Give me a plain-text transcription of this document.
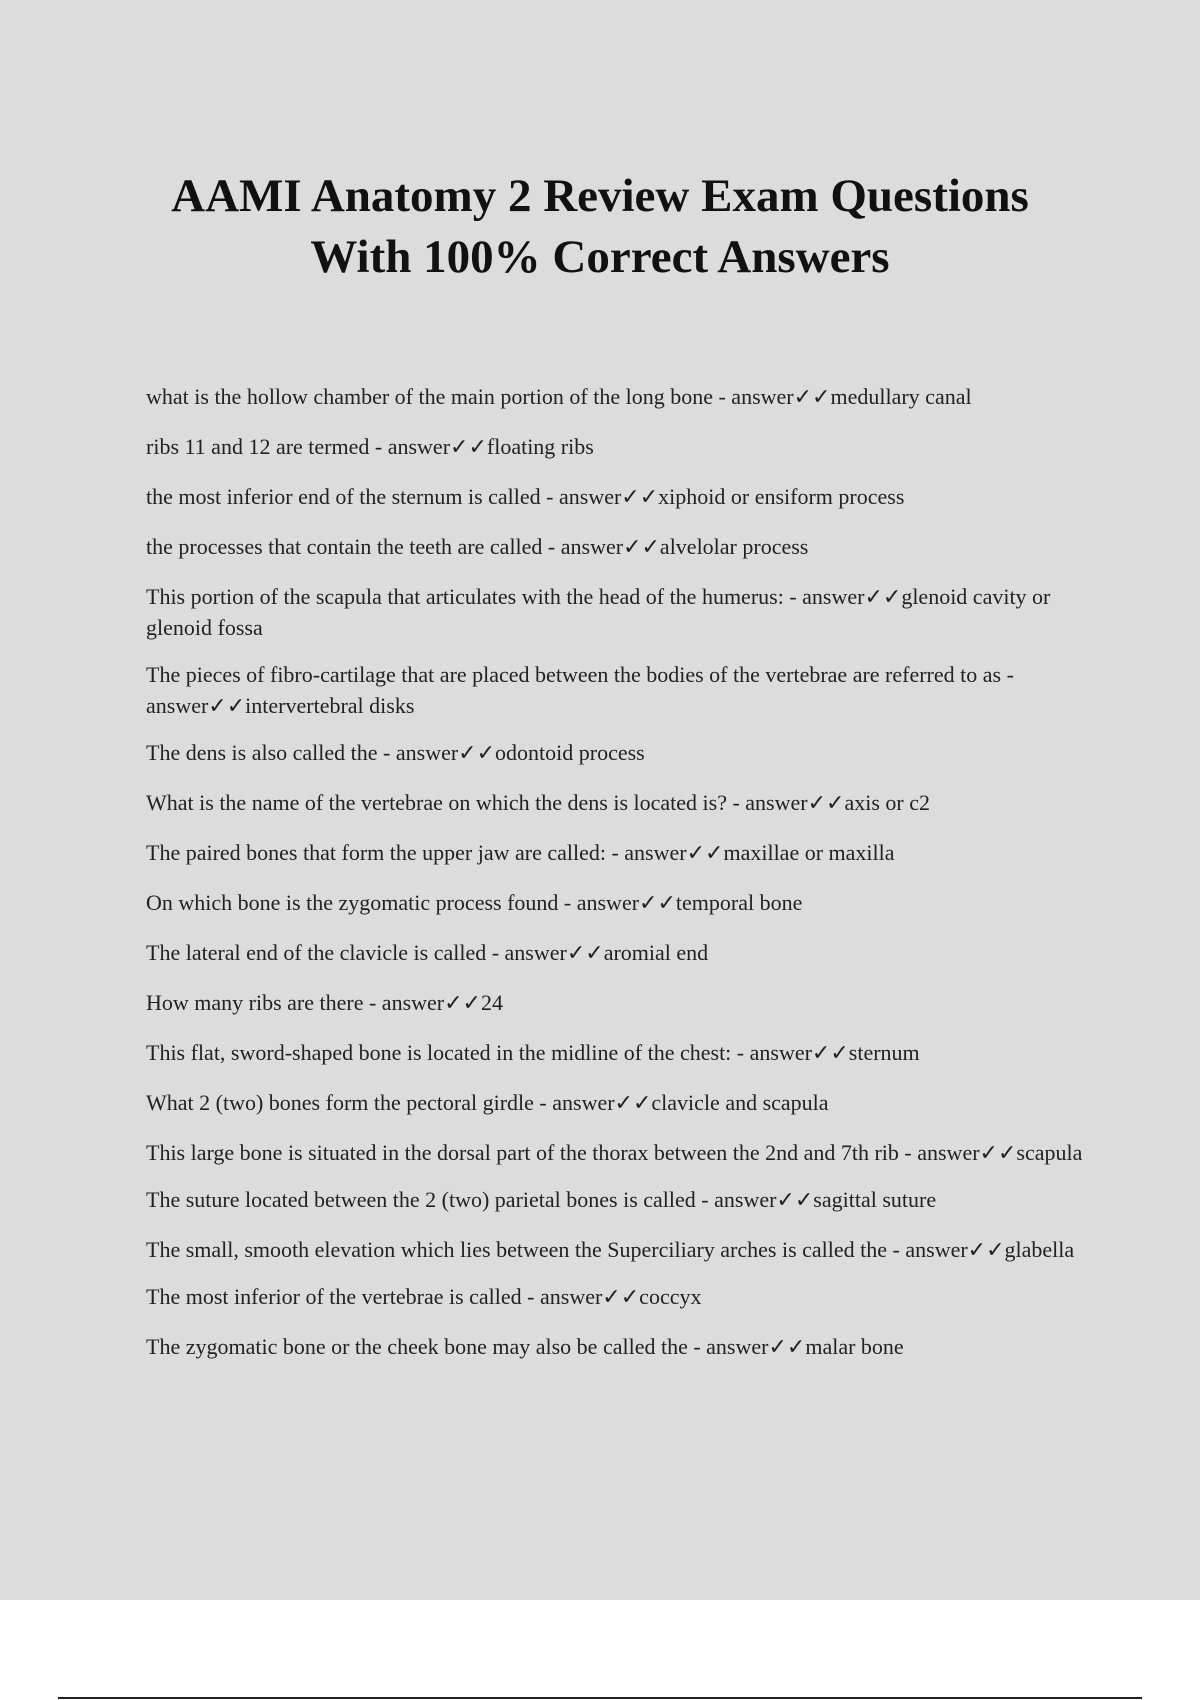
AAMI Anatomy 2 Review Exam Questions
With 100% Correct Answers
what is the hollow chamber of the main portion of the long bone - answer✓✓medullary canal
ribs 11 and 12 are termed - answer✓✓floating ribs
the most inferior end of the sternum is called - answer✓✓xiphoid or ensiform process
the processes that contain the teeth are called - answer✓✓alvelolar process
This portion of the scapula that articulates with the head of the humerus: - answer✓✓glenoid cavity or glenoid fossa
The pieces of fibro-cartilage that are placed between the bodies of the vertebrae are referred to as - answer✓✓intervertebral disks
The dens is also called the - answer✓✓odontoid process
What is the name of the vertebrae on which the dens is located is? - answer✓✓axis or c2
The paired bones that form the upper jaw are called: - answer✓✓maxillae or maxilla
On which bone is the zygomatic process found - answer✓✓temporal bone
The lateral end of the clavicle is called - answer✓✓aromial end
How many ribs are there - answer✓✓24
This flat, sword-shaped bone is located in the midline of the chest: - answer✓✓sternum
What 2 (two) bones form the pectoral girdle - answer✓✓clavicle and scapula
This large bone is situated in the dorsal part of the thorax between the 2nd and 7th rib - answer✓✓scapula
The suture located between the 2 (two) parietal bones is called - answer✓✓sagittal suture
The small, smooth elevation which lies between the Superciliary arches is called the - answer✓✓glabella
The most inferior of the vertebrae is called - answer✓✓coccyx
The zygomatic bone or the cheek bone may also be called the - answer✓✓malar bone
